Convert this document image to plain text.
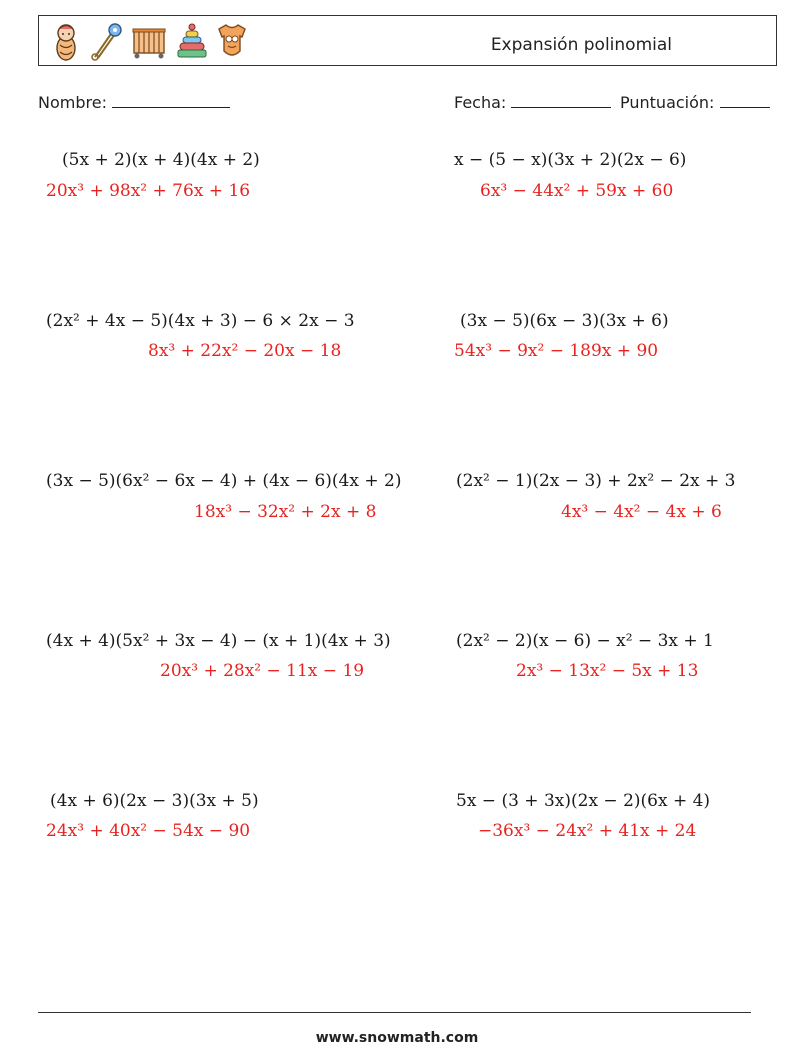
Expansión polinomial
Nombre:	Fecha:	Puntuación:
(5x + 2)(x + 4)(4x + 2)
20x³ + 98x² + 76x + 16
x − (5 − x)(3x + 2)(2x − 6)
6x³ − 44x² + 59x + 60
(2x² + 4x − 5)(4x + 3) − 6 × 2x − 3
8x³ + 22x² − 20x − 18
(3x − 5)(6x − 3)(3x + 6)
54x³ − 9x² − 189x + 90
(3x − 5)(6x² − 6x − 4) + (4x − 6)(4x + 2)
18x³ − 32x² + 2x + 8
(2x² − 1)(2x − 3) + 2x² − 2x + 3
4x³ − 4x² − 4x + 6
(4x + 4)(5x² + 3x − 4) − (x + 1)(4x + 3)
20x³ + 28x² − 11x − 19
(2x² − 2)(x − 6) − x² − 3x + 1
2x³ − 13x² − 5x + 13
(4x + 6)(2x − 3)(3x + 5)
24x³ + 40x² − 54x − 90
5x − (3 + 3x)(2x − 2)(6x + 4)
−36x³ − 24x² + 41x + 24
www.snowmath.com
